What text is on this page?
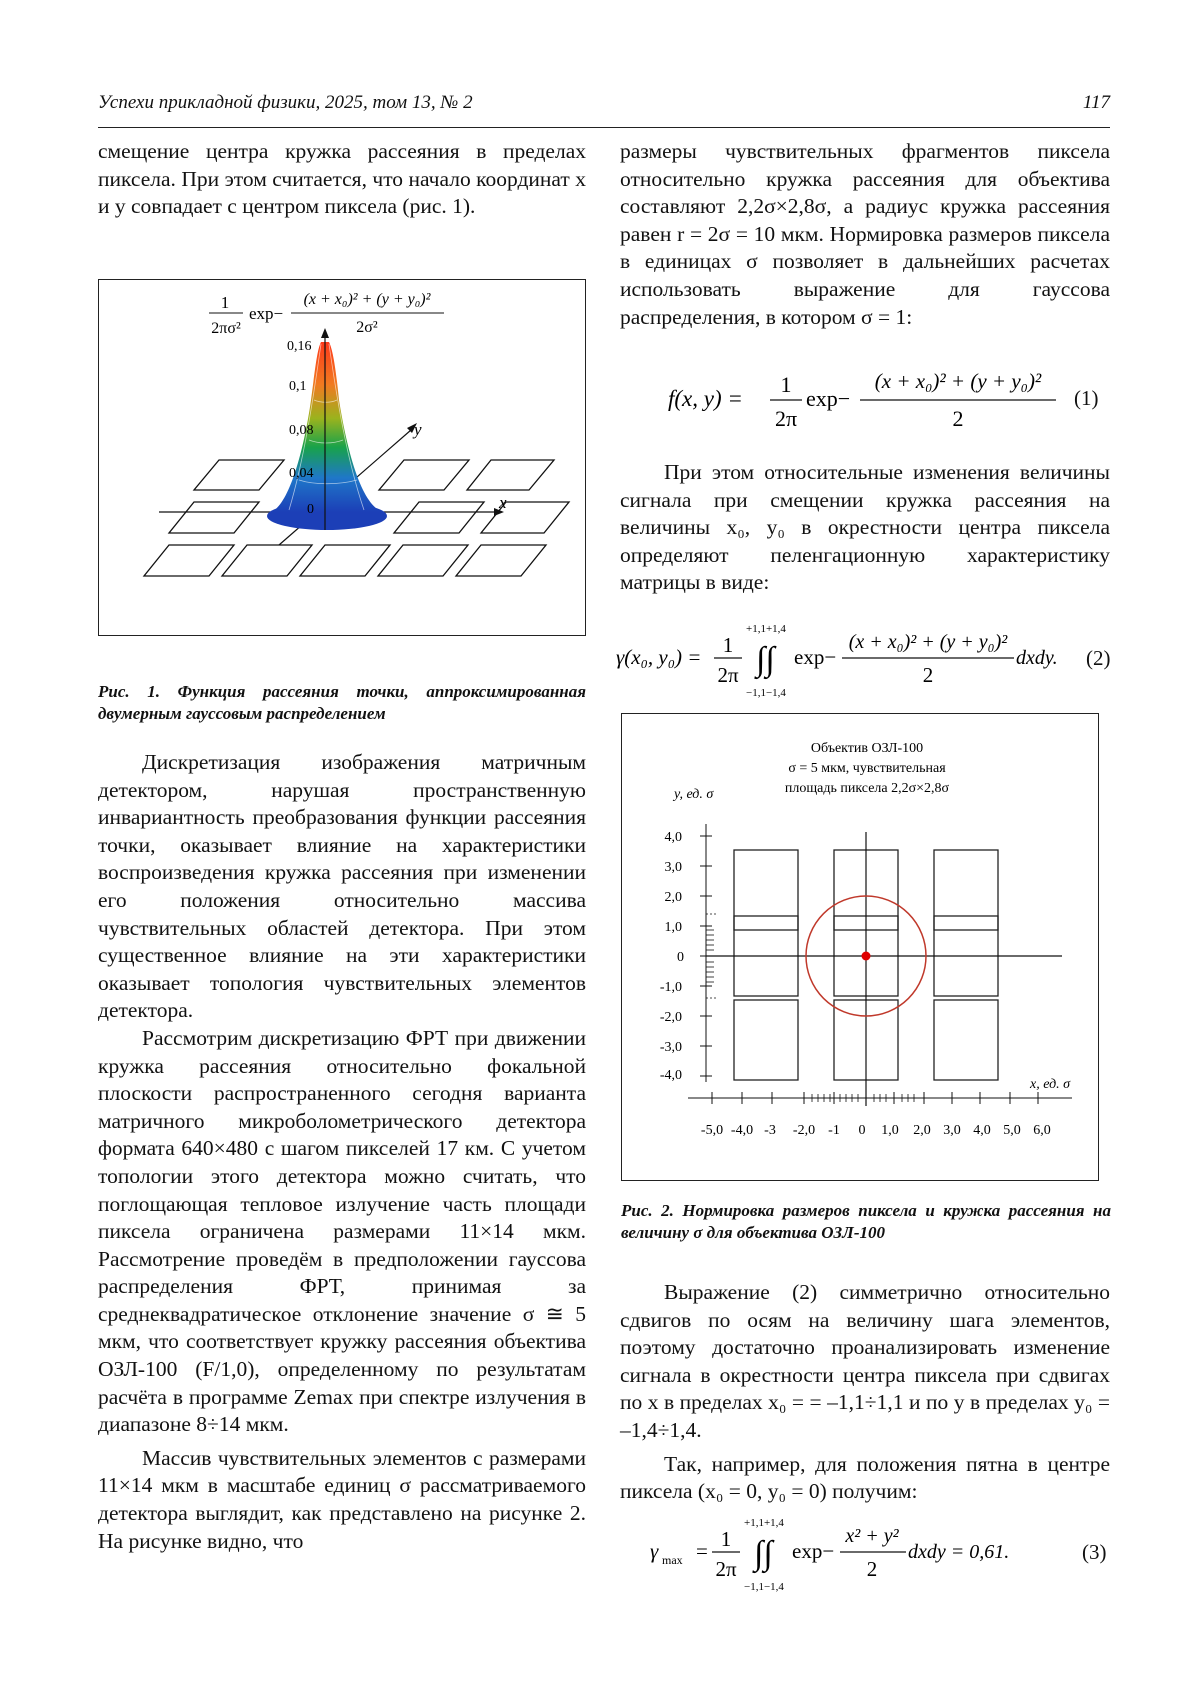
Успехи прикладной физики, 2025, том 13, № 2	117

смещение центра кружка рассеяния в пределах пиксела. При этом считается, что начало координат x и y совпадает с центром пиксела (рис. 1).

1
2πσ²
exp−
(x + x₀)² + (y + y₀)²
2σ²
x
y
0,16
0,1
0,08
0,04
0
Рис. 1. Функция рассеяния точки, аппроксимированная двумерным гауссовым распределением

Дискретизация изображения матричным детектором, нарушая пространственную инвариантность преобразования функции рассеяния точки, оказывает влияние на характеристики воспроизведения кружка рассеяния при изменении его положения относительно массива чувствительных областей детектора. При этом существенное влияние на эти характеристики оказывает топология чувствительных элементов детектора.

Рассмотрим дискретизацию ФРТ при движении кружка рассеяния относительно фокальной плоскости распространенного сегодня варианта матричного микроболометрического детектора формата 640×480 с шагом пикселей 17 км. С учетом топологии этого детектора можно считать, что поглощающая тепловое излучение часть площади пиксела ограничена размерами 11×14 мкм. Рассмотрение проведём в предположении гауссова распределения ФРТ, принимая за среднеквадратическое отклонение значение σ ≅ 5 мкм, что соответствует кружку рассеяния объектива ОЗЛ-100 (F/1,0), определенному по результатам расчёта в программе Zemax при спектре излучения в диапазоне 8÷14 мкм.

Массив чувствительных элементов с размерами 11×14 мкм в масштабе единиц σ рассматриваемого детектора выглядит, как представлено на рисунке 2. На рисунке видно, что

размеры чувствительных фрагментов пиксела относительно кружка рассеяния для объектива составляют 2,2σ×2,8σ, а радиус кружка рассеяния равен r = 2σ = 10 мкм. Нормировка размеров пиксела в единицах σ позволяет в дальнейших расчетах использовать выражение для гауссова распределения, в котором σ = 1:

f(x, y) =
1
2π
exp−
(x + x₀)² + (y + y₀)²
2
(1)

При этом относительные изменения величины сигнала при смещении кружка рассеяния на величины x₀, y₀ в окрестности центра пиксела определяют пеленгационную характеристику матрицы в виде:

γ(x₀, y₀) = 1
2π
+1,1+1,4
∫∫
−1,1−1,4
exp−
(x + x₀)² + (y + y₀)²
2
dxdy. (2)
Объектив ОЗЛ-100
σ = 5 мкм, чувствительная
площадь пиксела 2,2σ×2,8σ
y, ед. σ
x, ед. σ
4,0
3,0
2,0
1,0
0
-1,0
-2,0
-3,0
-4,0
-5,0 -4,0 -3 -2,0 -1 0 1,0 2,0 3,0 4,0 5,0 6,0
Рис. 2. Нормировка размеров пиксела и кружка рассеяния на величину σ для объектива ОЗЛ-100

Выражение (2) симметрично относительно сдвигов по осям на величину шага элементов, поэтому достаточно проанализировать изменение сигнала в окрестности центра пиксела при сдвигах по x в пределах x₀ = = –1,1÷1,1 и по y в пределах y₀ = –1,4÷1,4.

Так, например, для положения пятна в центре пиксела (x₀ = 0, y₀ = 0) получим:

γ max = 1
2π
+1,1+1,4
∫∫
−1,1−1,4
exp−
x² + y²
2
dxdy = 0,61.	(3)
